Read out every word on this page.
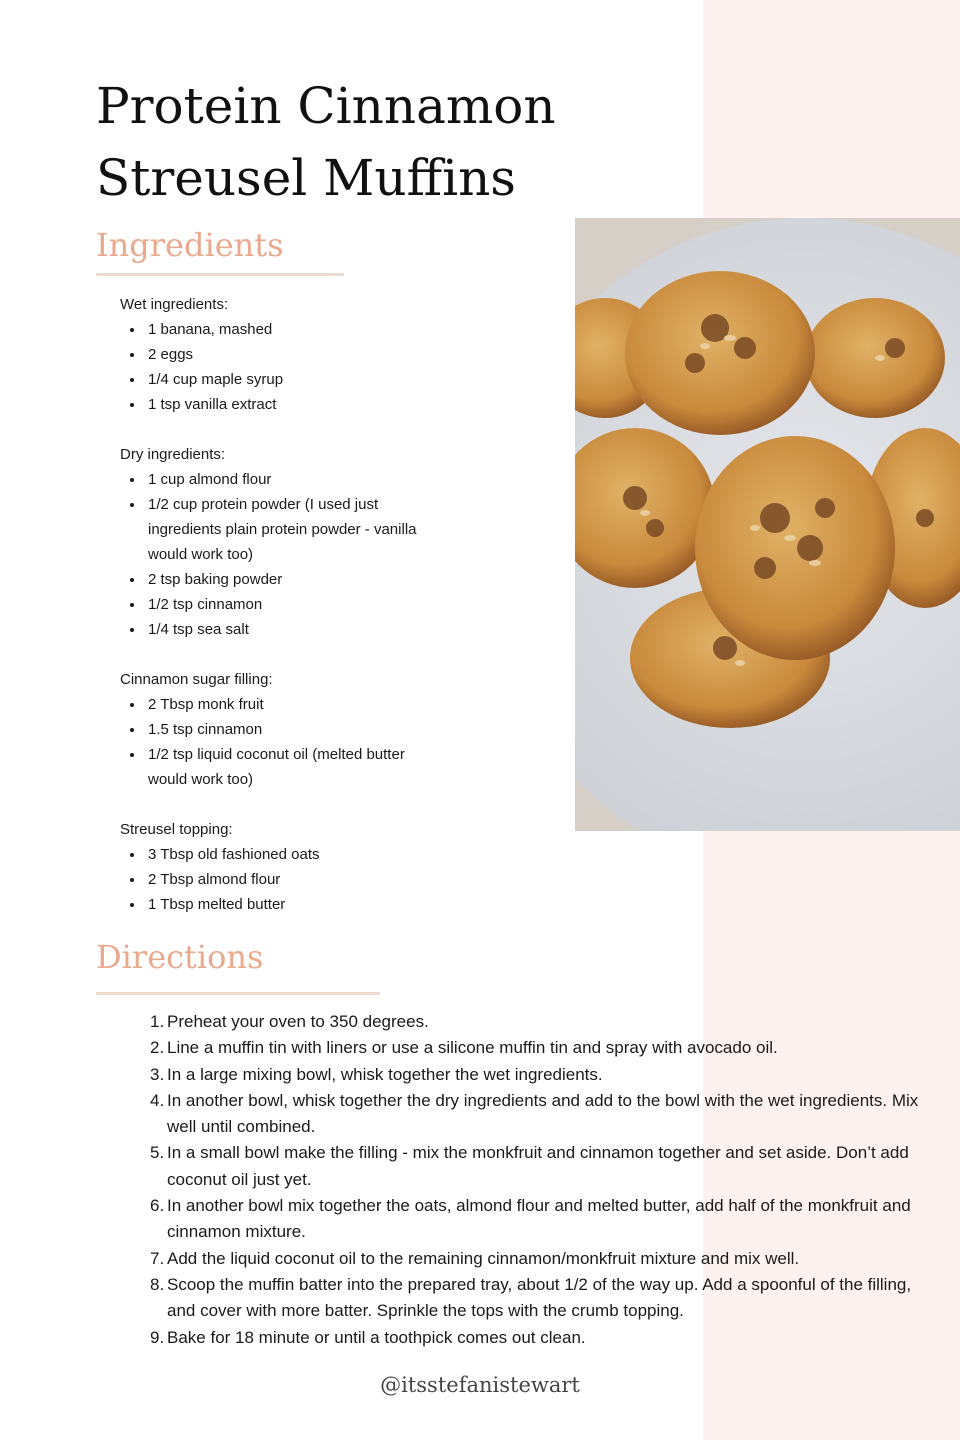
Protein Cinnamon Streusel Muffins
Ingredients
Wet ingredients:
1 banana, mashed
2 eggs
1/4 cup maple syrup
1 tsp vanilla extract
Dry ingredients:
1 cup almond flour
1/2 cup protein powder (I used just ingredients plain protein powder - vanilla would work too)
2 tsp baking powder
1/2 tsp cinnamon
1/4 tsp sea salt
Cinnamon sugar filling:
2 Tbsp monk fruit
1.5 tsp cinnamon
1/2 tsp liquid coconut oil (melted butter would work too)
Streusel topping:
3 Tbsp old fashioned oats
2 Tbsp almond flour
1 Tbsp melted butter
Directions
1. Preheat your oven to 350 degrees.
2. Line a muffin tin with liners or use a silicone muffin tin and spray with avocado oil.
3. In a large mixing bowl, whisk together the wet ingredients.
4. In another bowl, whisk together the dry ingredients and add to the bowl with the wet ingredients. Mix well until combined.
5. In a small bowl make the filling - mix the monkfruit and cinnamon together and set aside. Don’t add coconut oil just yet.
6. In another bowl mix together the oats, almond flour and melted butter, add half of the monkfruit and cinnamon mixture.
7. Add the liquid coconut oil to the remaining cinnamon/monkfruit mixture and mix well.
8. Scoop the muffin batter into the prepared tray, about 1/2 of the way up. Add a spoonful of the filling, and cover with more batter. Sprinkle the tops with the crumb topping.
9. Bake for 18 minute or until a toothpick comes out clean.
@itsstefanistewart
